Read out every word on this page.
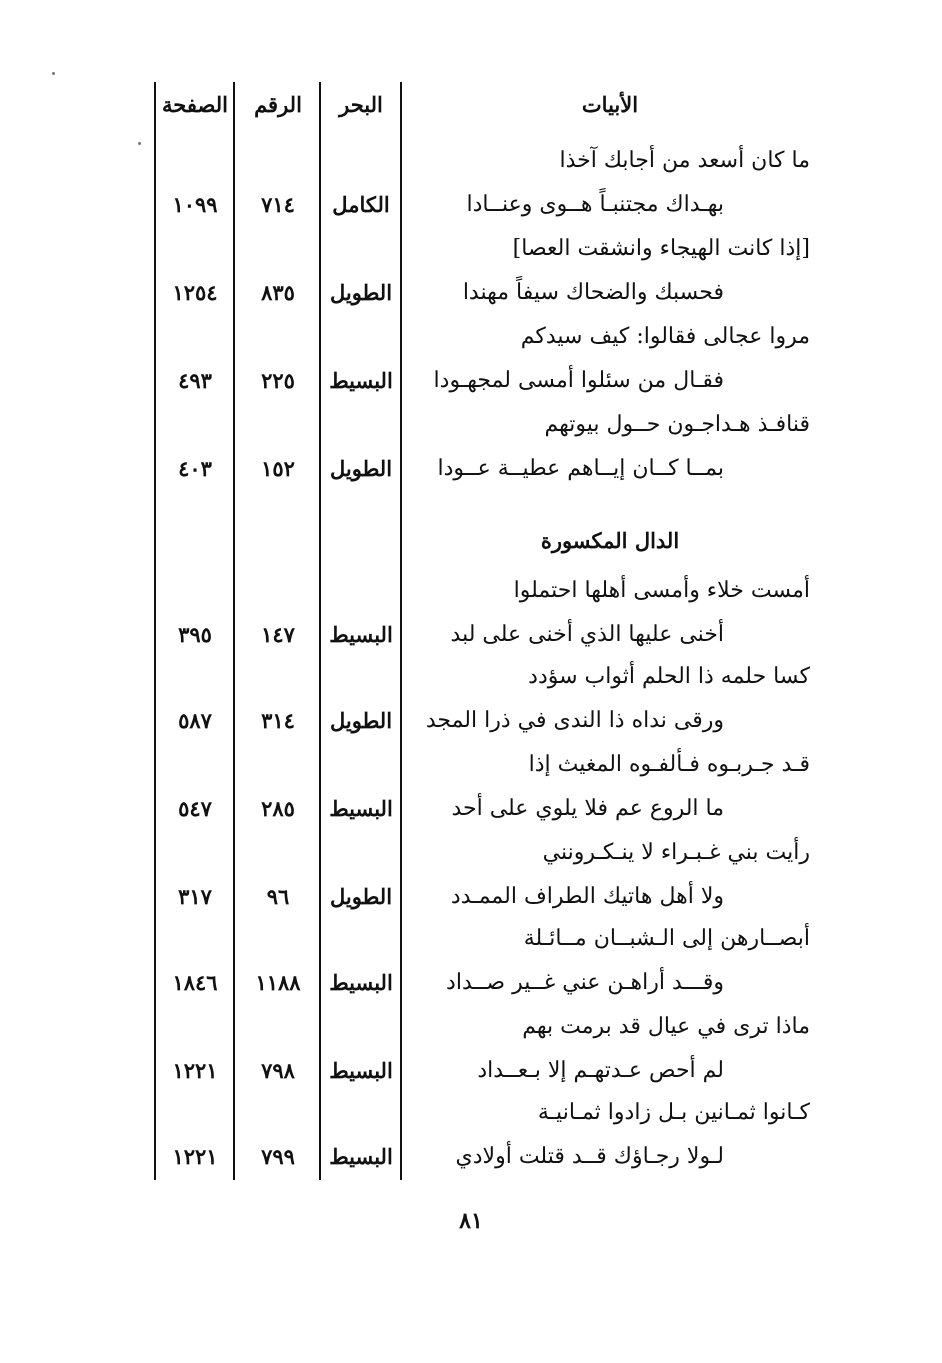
الأبيات
البحر
الرقم
الصفحة
ما كان أسعد من أجابك آخذا
بهـداك مجتنبـاً هــوى وعنــادا
الكامل
٧١٤
١٠٩٩
[إذا كانت الهيجاء وانشقت العصا]
فحسبك والضحاك سيفاً مهندا
الطويل
٨٣٥
١٢٥٤
مروا عجالى فقالوا: كيف سيدكم
فقـال من سئلوا أمسى لمجهـودا
البسيط
٢٢٥
٤٩٣
قنافـذ هـداجـون حــول بيوتهم
بمــا كــان إيــاهم عطيــة عــودا
الطويل
١٥٢
٤٠٣
الدال المكسورة
أمست خلاء وأمسى أهلها احتملوا
أخنى عليها الذي أخنى على لبد
البسيط
١٤٧
٣٩٥
كسا حلمه ذا الحلم أثواب سؤدد
ورقى نداه ذا الندى في ذرا المجد
الطويل
٣١٤
٥٨٧
قـد جـربـوه فـألفـوه المغيث إذا
ما الروع عم فلا يلوي على أحد
البسيط
٢٨٥
٥٤٧
رأيت بني غـبـراء لا ينـكـرونني
ولا أهل هاتيك الطراف الممـدد
الطويل
٩٦
٣١٧
أبصــارهن إلى الـشبــان مــائـلة
وقـــد أراهـن عني غــير صــداد
البسيط
١١٨٨
١٨٤٦
ماذا ترى في عيال قد برمت بهم
لم أحص عـدتهـم إلا بـعــداد
البسيط
٧٩٨
١٢٢١
كـانوا ثمـانين بـل زادوا ثمـانيـة
لـولا رجـاؤك قــد قتلت أولادي
البسيط
٧٩٩
١٢٢١
٨١
